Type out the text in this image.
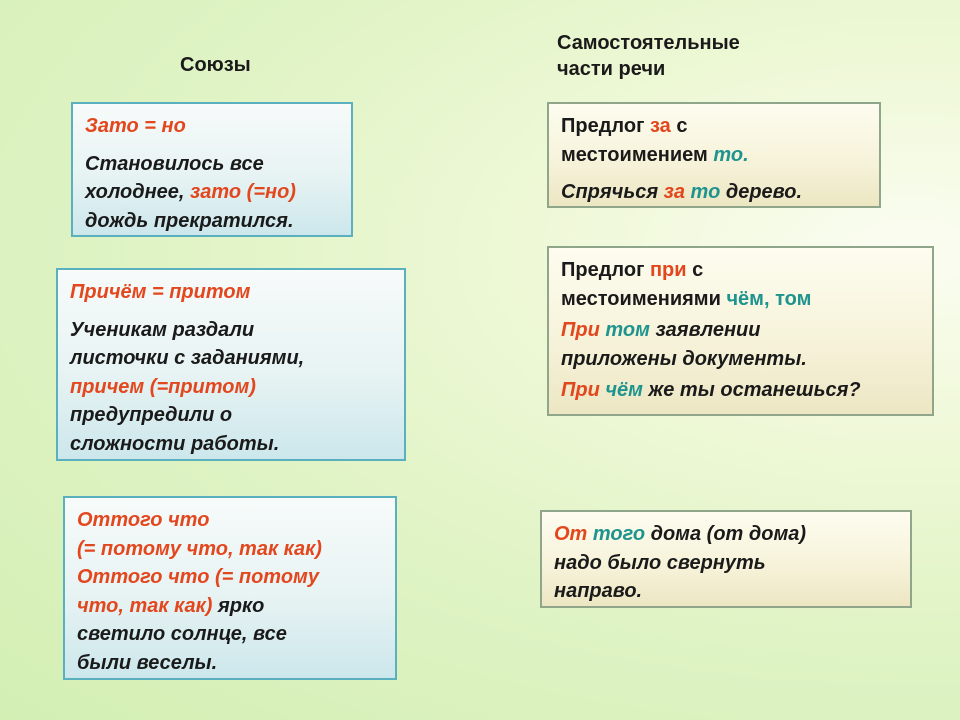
Союзы
Самостоятельные
части речи

Зато = но

Становилось все

холоднее, зато (=но)

дождь прекратился.

Причём = притом

Ученикам раздали

листочки с заданиями,

причем (=притом)

предупредили о

сложности работы.

Оттого что

(= потому что, так как)

Оттого что (= потому

что, так как) ярко

светило солнце, все

были веселы.

Предлог за с

местоимением то.

Спрячься за то дерево.

Предлог при с

местоимениями чём, том

При том заявлении

приложены документы.

При чём же ты останешься?

От того дома (от дома)

надо было свернуть

направо.
